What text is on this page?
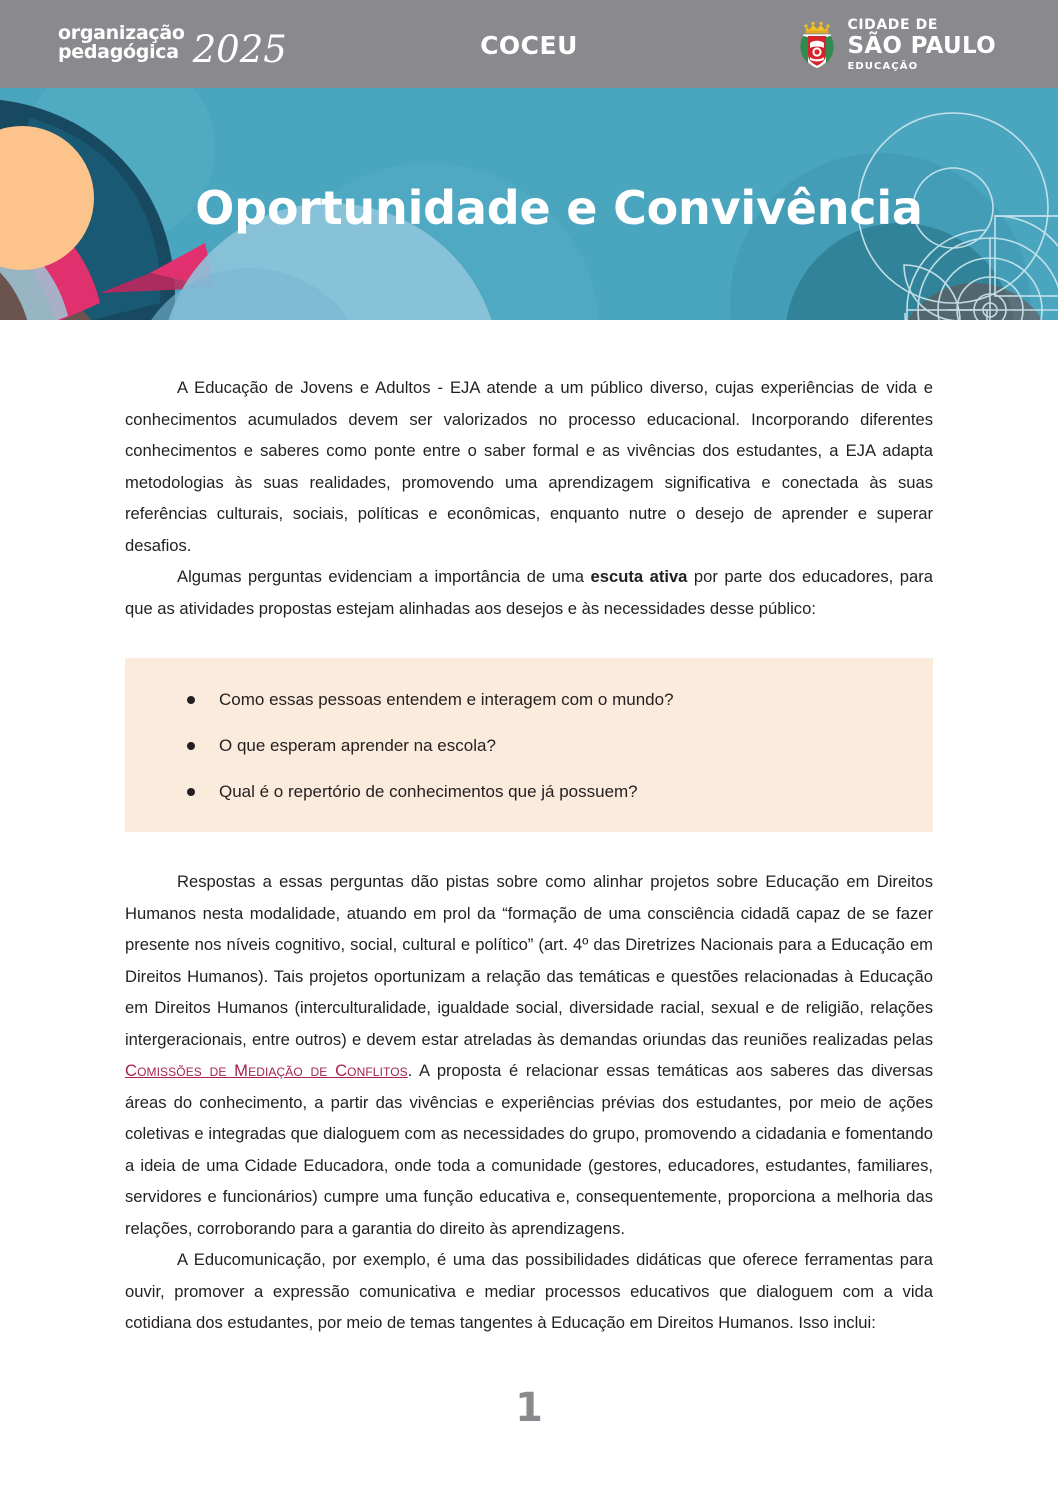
organização
pedagógica 2025	COCEU
CIDADE DE
SÃO PAULO
EDUCAÇÃO
Oportunidade e Convivência

A Educação de Jovens e Adultos - EJA atende a um público diverso, cujas experiências de vida e conhecimentos acumulados devem ser valorizados no processo educacional. Incorporando diferentes conhecimentos e saberes como ponte entre o saber formal e as vivências dos estudantes, a EJA adapta metodologias às suas realidades, promovendo uma aprendizagem significativa e conectada às suas referências culturais, sociais, políticas e econômicas, enquanto nutre o desejo de aprender e superar desafios.

Algumas perguntas evidenciam a importância de uma escuta ativa por parte dos educadores, para que as atividades propostas estejam alinhadas aos desejos e às necessidades desse público:

Como essas pessoas entendem e interagem com o mundo?
O que esperam aprender na escola?
Qual é o repertório de conhecimentos que já possuem?

Respostas a essas perguntas dão pistas sobre como alinhar projetos sobre Educação em Direitos Humanos nesta modalidade, atuando em prol da “formação de uma consciência cidadã capaz de se fazer presente nos níveis cognitivo, social, cultural e político” (art. 4º das Diretrizes Nacionais para a Educação em Direitos Humanos). Tais projetos oportunizam a relação das temáticas e questões relacionadas à Educação em Direitos Humanos (interculturalidade, igualdade social, diversidade racial, sexual e de religião, relações intergeracionais, entre outros) e devem estar atreladas às demandas oriundas das reuniões realizadas pelas Comissões de Mediação de Conflitos. A proposta é relacionar essas temáticas aos saberes das diversas áreas do conhecimento, a partir das vivências e experiências prévias dos estudantes, por meio de ações coletivas e integradas que dialoguem com as necessidades do grupo, promovendo a cidadania e fomentando a ideia de uma Cidade Educadora, onde toda a comunidade (gestores, educadores, estudantes, familiares, servidores e funcionários) cumpre uma função educativa e, consequentemente, proporciona a melhoria das relações, corroborando para a garantia do direito às aprendizagens.

A Educomunicação, por exemplo, é uma das possibilidades didáticas que oferece ferramentas para ouvir, promover a expressão comunicativa e mediar processos educativos que dialoguem com a vida cotidiana dos estudantes, por meio de temas tangentes à Educação em Direitos Humanos. Isso inclui:

1
